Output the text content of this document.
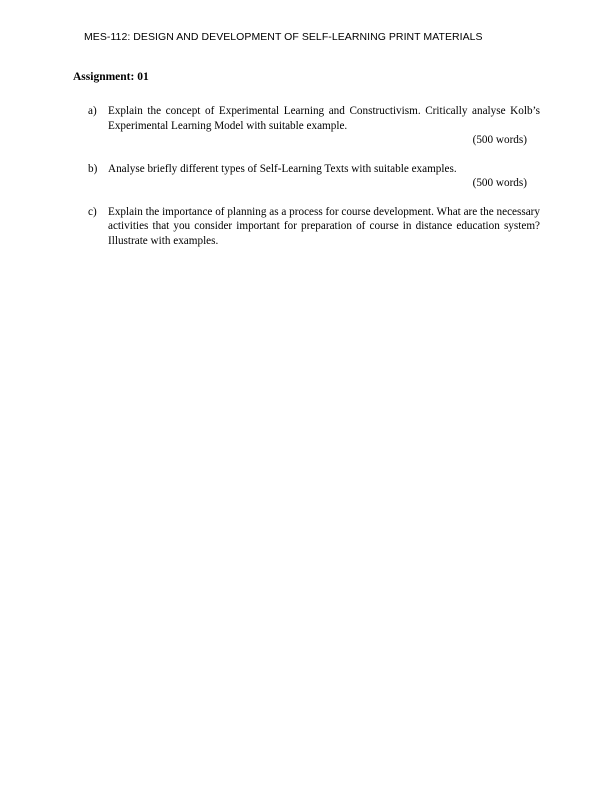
MES-112: DESIGN AND DEVELOPMENT OF SELF-LEARNING PRINT MATERIALS
Assignment: 01
a)	Explain the concept of Experimental Learning and Constructivism. Critically analyse Kolb’s Experimental Learning Model with suitable example.
(500 words)
b) Analyse briefly different types of Self-Learning Texts with suitable examples.
(500 words)
c)	Explain the importance of planning as a process for course development. What are the necessary activities that you consider important for preparation of course in distance education system? Illustrate with examples.
